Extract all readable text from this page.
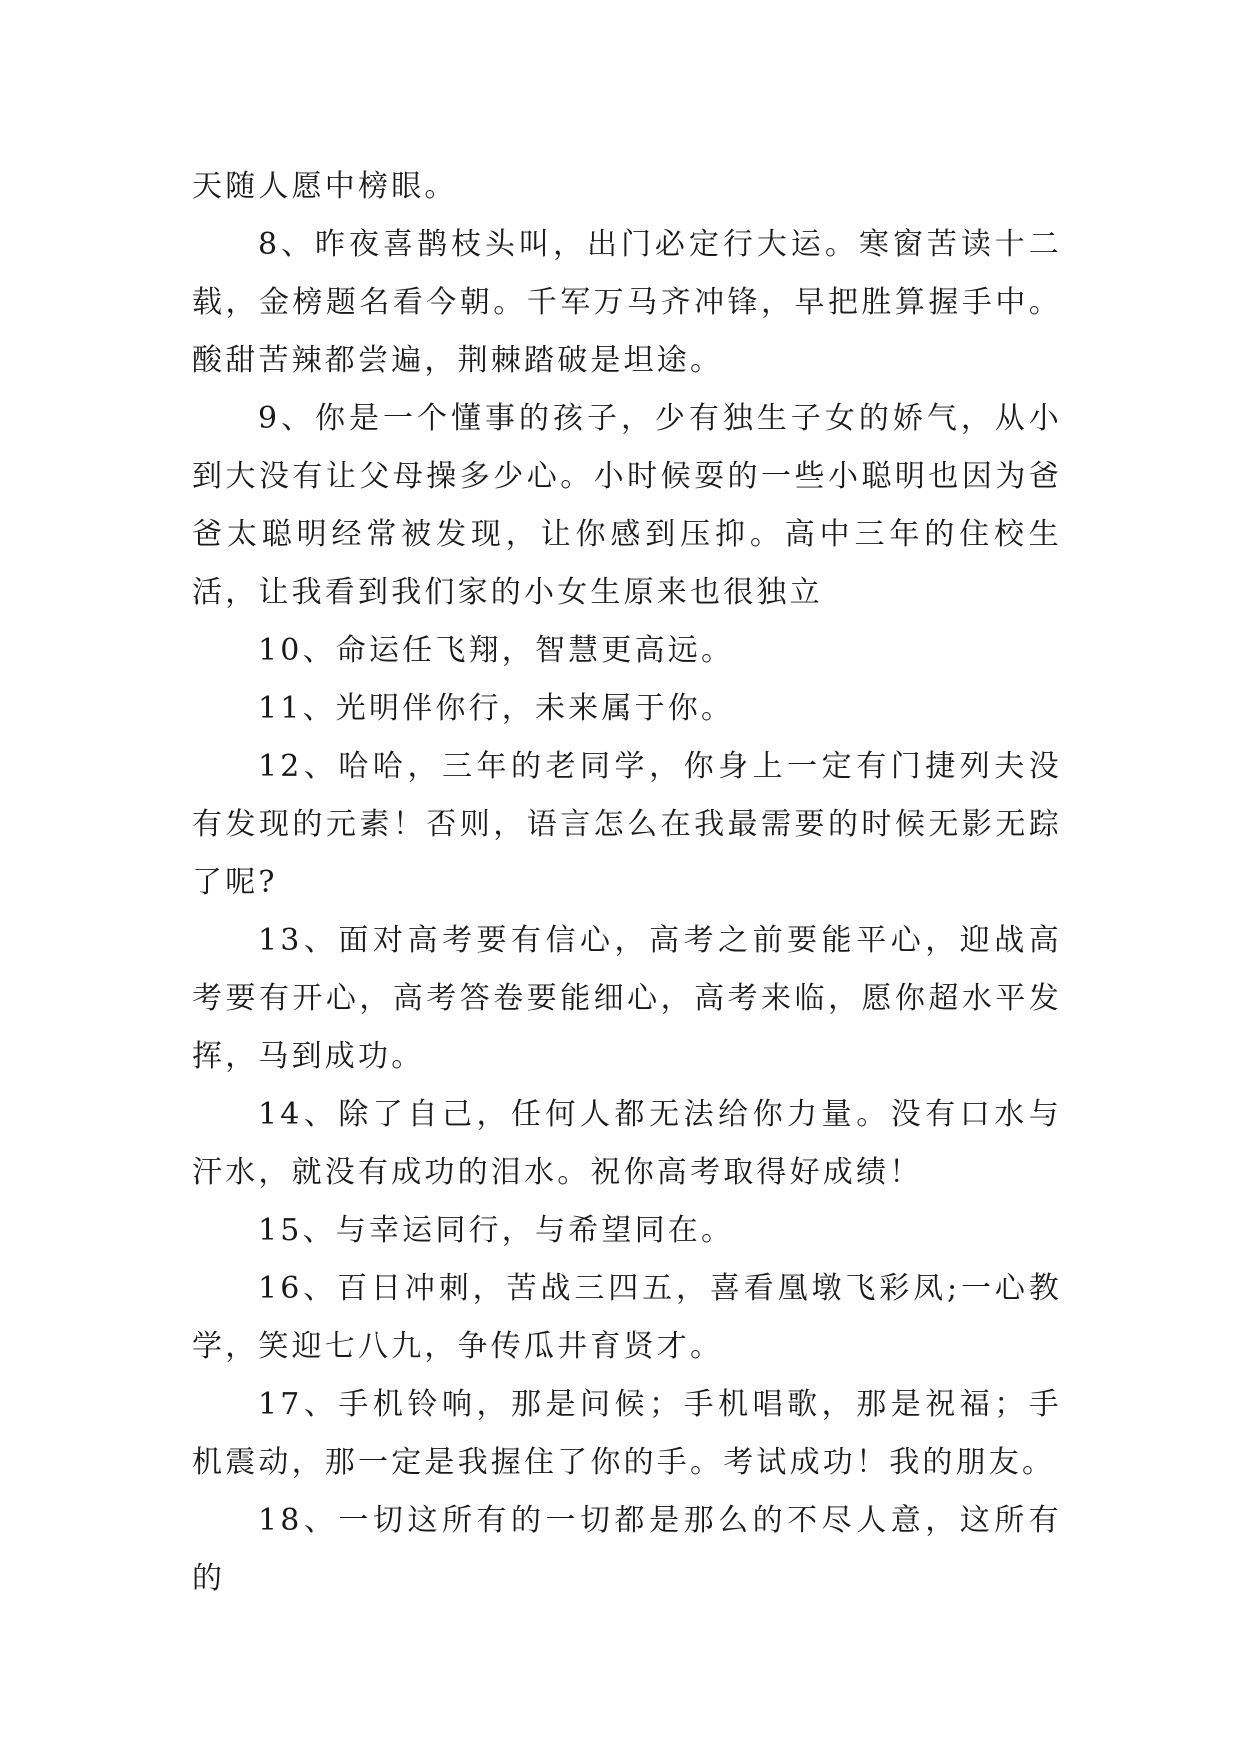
天随人愿中榜眼。

8、昨夜喜鹊枝头叫，出门必定行大运。寒窗苦读十二载，金榜题名看今朝。千军万马齐冲锋，早把胜算握手中。酸甜苦辣都尝遍，荆棘踏破是坦途。

9、你是一个懂事的孩子，少有独生子女的娇气，从小到大没有让父母操多少心。小时候耍的一些小聪明也因为爸爸太聪明经常被发现，让你感到压抑。高中三年的住校生活，让我看到我们家的小女生原来也很独立

10、命运任飞翔，智慧更高远。

11、光明伴你行，未来属于你。

12、哈哈，三年的老同学，你身上一定有门捷列夫没有发现的元素！否则，语言怎么在我最需要的时候无影无踪了呢?

13、面对高考要有信心，高考之前要能平心，迎战高考要有开心，高考答卷要能细心，高考来临，愿你超水平发挥，马到成功。

14、除了自己，任何人都无法给你力量。没有口水与汗水，就没有成功的泪水。祝你高考取得好成绩！

15、与幸运同行，与希望同在。

16、百日冲刺，苦战三四五，喜看凰墩飞彩凤;一心教学，笑迎七八九，争传瓜井育贤才。

17、手机铃响，那是问候；手机唱歌，那是祝福；手机震动，那一定是我握住了你的手。考试成功！我的朋友。

18、一切这所有的一切都是那么的不尽人意，这所有的
